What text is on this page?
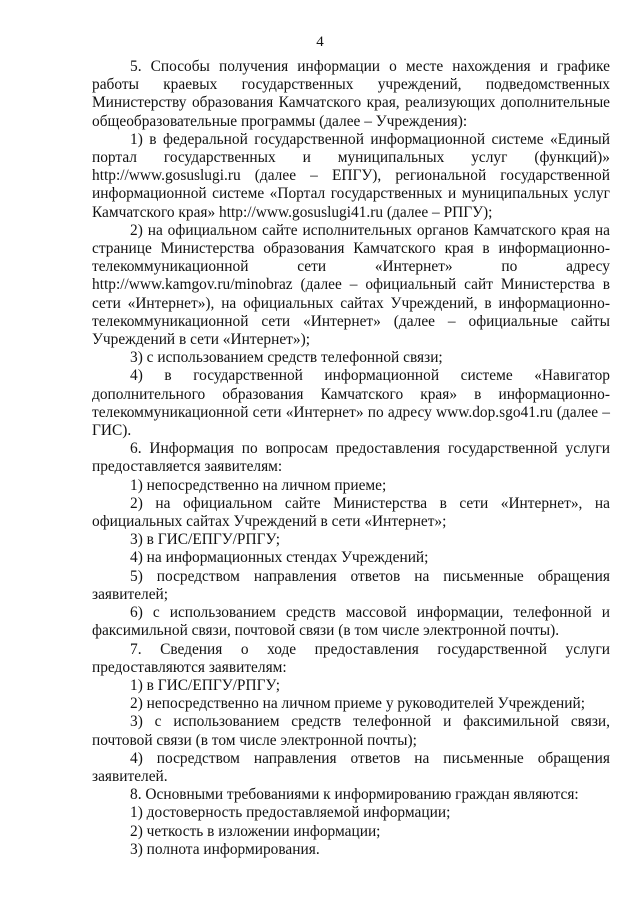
4

5. Способы получения информации о месте нахождения и графике работы краевых государственных учреждений, подведомственных Министерству образования Камчатского края, реализующих дополнительные общеобразовательные программы (далее – Учреждения):

1) в федеральной государственной информационной системе «Единый портал государственных и муниципальных услуг (функций)» http://www.gosuslugi.ru (далее – ЕПГУ), региональной государственной информационной системе «Портал государственных и муниципальных услуг Камчатского края» http://www.gosuslugi41.ru (далее – РПГУ);

2) на официальном сайте исполнительных органов Камчатского края на странице Министерства образования Камчатского края в информационно-телекоммуникационной сети «Интернет» по адресу http://www.kamgov.ru/minobraz (далее – официальный сайт Министерства в сети «Интернет»), на официальных сайтах Учреждений, в информационно-телекоммуникационной сети «Интернет» (далее – официальные сайты Учреждений в сети «Интернет»);

3) с использованием средств телефонной связи;

4) в государственной информационной системе «Навигатор дополнительного образования Камчатского края» в информационно-телекоммуникационной сети «Интернет» по адресу www.dop.sgo41.ru (далее – ГИС).

6. Информация по вопросам предоставления государственной услуги предоставляется заявителям:

1) непосредственно на личном приеме;

2) на официальном сайте Министерства в сети «Интернет», на официальных сайтах Учреждений в сети «Интернет»;

3) в ГИС/ЕПГУ/РПГУ;

4) на информационных стендах Учреждений;

5) посредством направления ответов на письменные обращения заявителей;

6) с использованием средств массовой информации, телефонной и факсимильной связи, почтовой связи (в том числе электронной почты).

7. Сведения о ходе предоставления государственной услуги предоставляются заявителям:

1) в ГИС/ЕПГУ/РПГУ;

2) непосредственно на личном приеме у руководителей Учреждений;

3) с использованием средств телефонной и факсимильной связи, почтовой связи (в том числе электронной почты);

4) посредством направления ответов на письменные обращения заявителей.

8. Основными требованиями к информированию граждан являются:

1) достоверность предоставляемой информации;

2) четкость в изложении информации;

3) полнота информирования.
